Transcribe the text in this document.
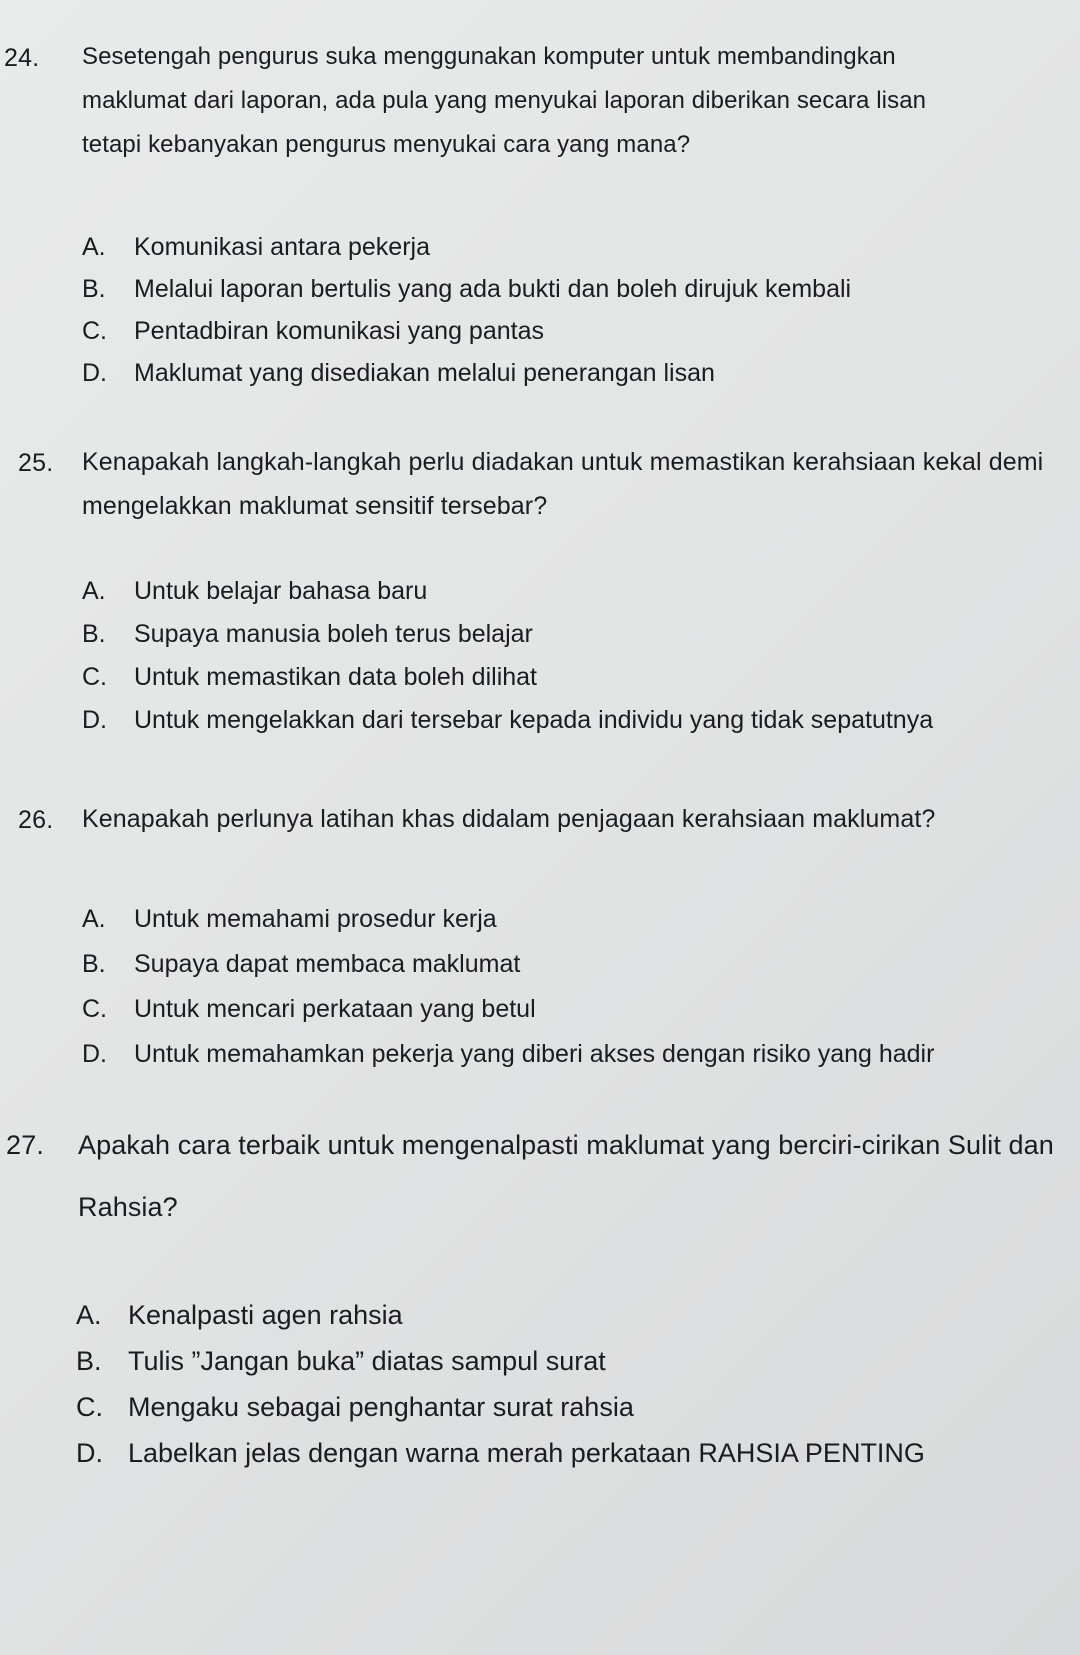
24. Sesetengah pengurus suka menggunakan komputer untuk membandingkan maklumat dari laporan, ada pula yang menyukai laporan diberikan secara lisan tetapi kebanyakan pengurus menyukai cara yang mana?
A. Komunikasi antara pekerja
B. Melalui laporan bertulis yang ada bukti dan boleh dirujuk kembali
C. Pentadbiran komunikasi yang pantas
D. Maklumat yang disediakan melalui penerangan lisan
25. Kenapakah langkah-langkah perlu diadakan untuk memastikan kerahsiaan kekal demi mengelakkan maklumat sensitif tersebar?
A. Untuk belajar bahasa baru
B. Supaya manusia boleh terus belajar
C. Untuk memastikan data boleh dilihat
D. Untuk mengelakkan dari tersebar kepada individu yang tidak sepatutnya
26. Kenapakah perlunya latihan khas didalam penjagaan kerahsiaan maklumat?
A. Untuk memahami prosedur kerja
B. Supaya dapat membaca maklumat
C. Untuk mencari perkataan yang betul
D. Untuk memahamkan pekerja yang diberi akses dengan risiko yang hadir
27. Apakah cara terbaik untuk mengenalpasti maklumat yang berciri-cirikan Sulit dan Rahsia?
A. Kenalpasti agen rahsia
B. Tulis ”Jangan buka” diatas sampul surat
C. Mengaku sebagai penghantar surat rahsia
D. Labelkan jelas dengan warna merah perkataan RAHSIA PENTING
